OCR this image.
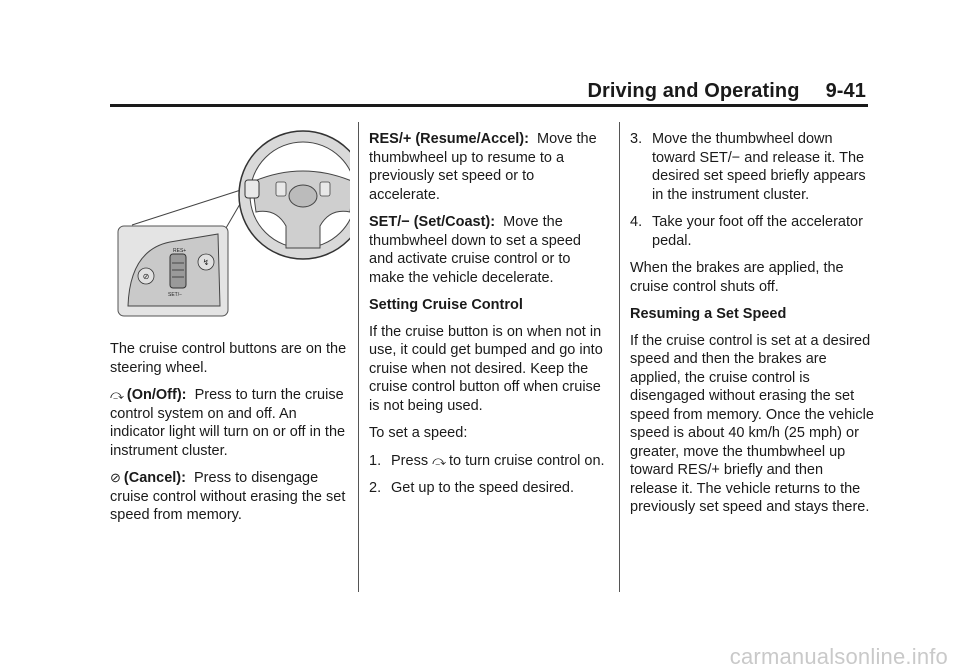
Driving and Operating 9-41
⊘
↯
RES+
SET/−

The cruise control buttons are on the steering wheel.

⤼ (On/Off): Press to turn the cruise control system on and off. An indicator light will turn on or off in the instrument cluster.

⊘ (Cancel): Press to disengage cruise control without erasing the set speed from memory.

RES/+ (Resume/Accel): Move the thumbwheel up to resume to a previously set speed or to accelerate.

SET/− (Set/Coast): Move the thumbwheel down to set a speed and activate cruise control or to make the vehicle decelerate.

Setting Cruise Control

If the cruise button is on when not in use, it could get bumped and go into cruise when not desired. Keep the cruise control button off when cruise is not being used.

To set a speed:

1. Press ⤼ to turn cruise control on.
2. Get up to the speed desired.
3. Move the thumbwheel down toward SET/− and release it. The desired set speed briefly appears in the instrument cluster.
4. Take your foot off the accelerator pedal.

When the brakes are applied, the cruise control shuts off.

Resuming a Set Speed

If the cruise control is set at a desired speed and then the brakes are applied, the cruise control is disengaged without erasing the set speed from memory. Once the vehicle speed is about 40 km/h (25 mph) or greater, move the thumbwheel up toward RES/+ briefly and then release it. The vehicle returns to the previously set speed and stays there.

carmanualsonline.info
